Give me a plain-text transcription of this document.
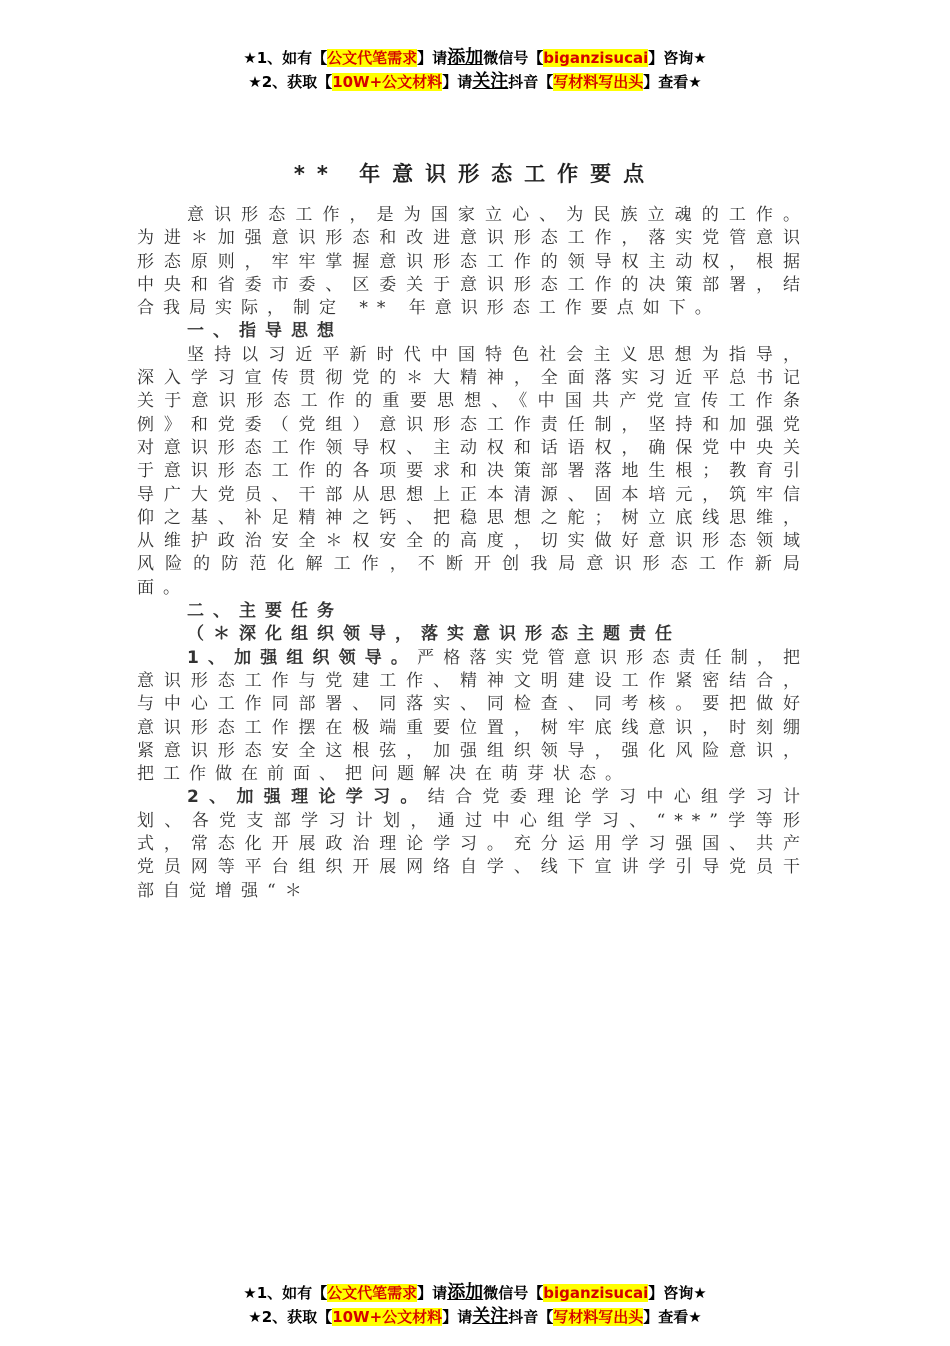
★1、如有【公文代笔需求】请添加微信号【biganzisucai】咨询★
★2、获取【10W+公文材料】请关注抖音【写材料写出头】查看★
** 年意识形态工作要点

意识形态工作，是为国家立心、为民族立魂的工作。为进＊加强意识形态和改进意识形态工作，落实党管意识形态原则，牢牢掌握意识形态工作的领导权主动权，根据中央和省委市委、区委关于意识形态工作的决策部署，结合我局实际，制定 ** 年意识形态工作要点如下。

一、指导思想

坚持以习近平新时代中国特色社会主义思想为指导，深入学习宣传贯彻党的＊大精神，全面落实习近平总书记关于意识形态工作的重要思想、《中国共产党宣传工作条例》和党委（党组）意识形态工作责任制，坚持和加强党对意识形态工作领导权、主动权和话语权，确保党中央关于意识形态工作的各项要求和决策部署落地生根；教育引导广大党员、干部从思想上正本清源、固本培元，筑牢信仰之基、补足精神之钙、把稳思想之舵；树立底线思维，从维护政治安全＊权安全的高度，切实做好意识形态领域风险的防范化解工作，不断开创我局意识形态工作新局面。

二、主要任务

（＊深化组织领导，落实意识形态主题责任

1、加强组织领导。严格落实党管意识形态责任制，把意识形态工作与党建工作、精神文明建设工作紧密结合，与中心工作同部署、同落实、同检查、同考核。要把做好意识形态工作摆在极端重要位置，树牢底线意识，时刻绷紧意识形态安全这根弦，加强组织领导，强化风险意识，把工作做在前面、把问题解决在萌芽状态。

2、加强理论学习。结合党委理论学习中心组学习计划、各党支部学习计划，通过中心组学习、“**”学等形式，常态化开展政治理论学习。充分运用学习强国、共产党员网等平台组织开展网络自学、线下宣讲学引导党员干部自觉增强“＊

★1、如有【公文代笔需求】请添加微信号【biganzisucai】咨询★
★2、获取【10W+公文材料】请关注抖音【写材料写出头】查看★
